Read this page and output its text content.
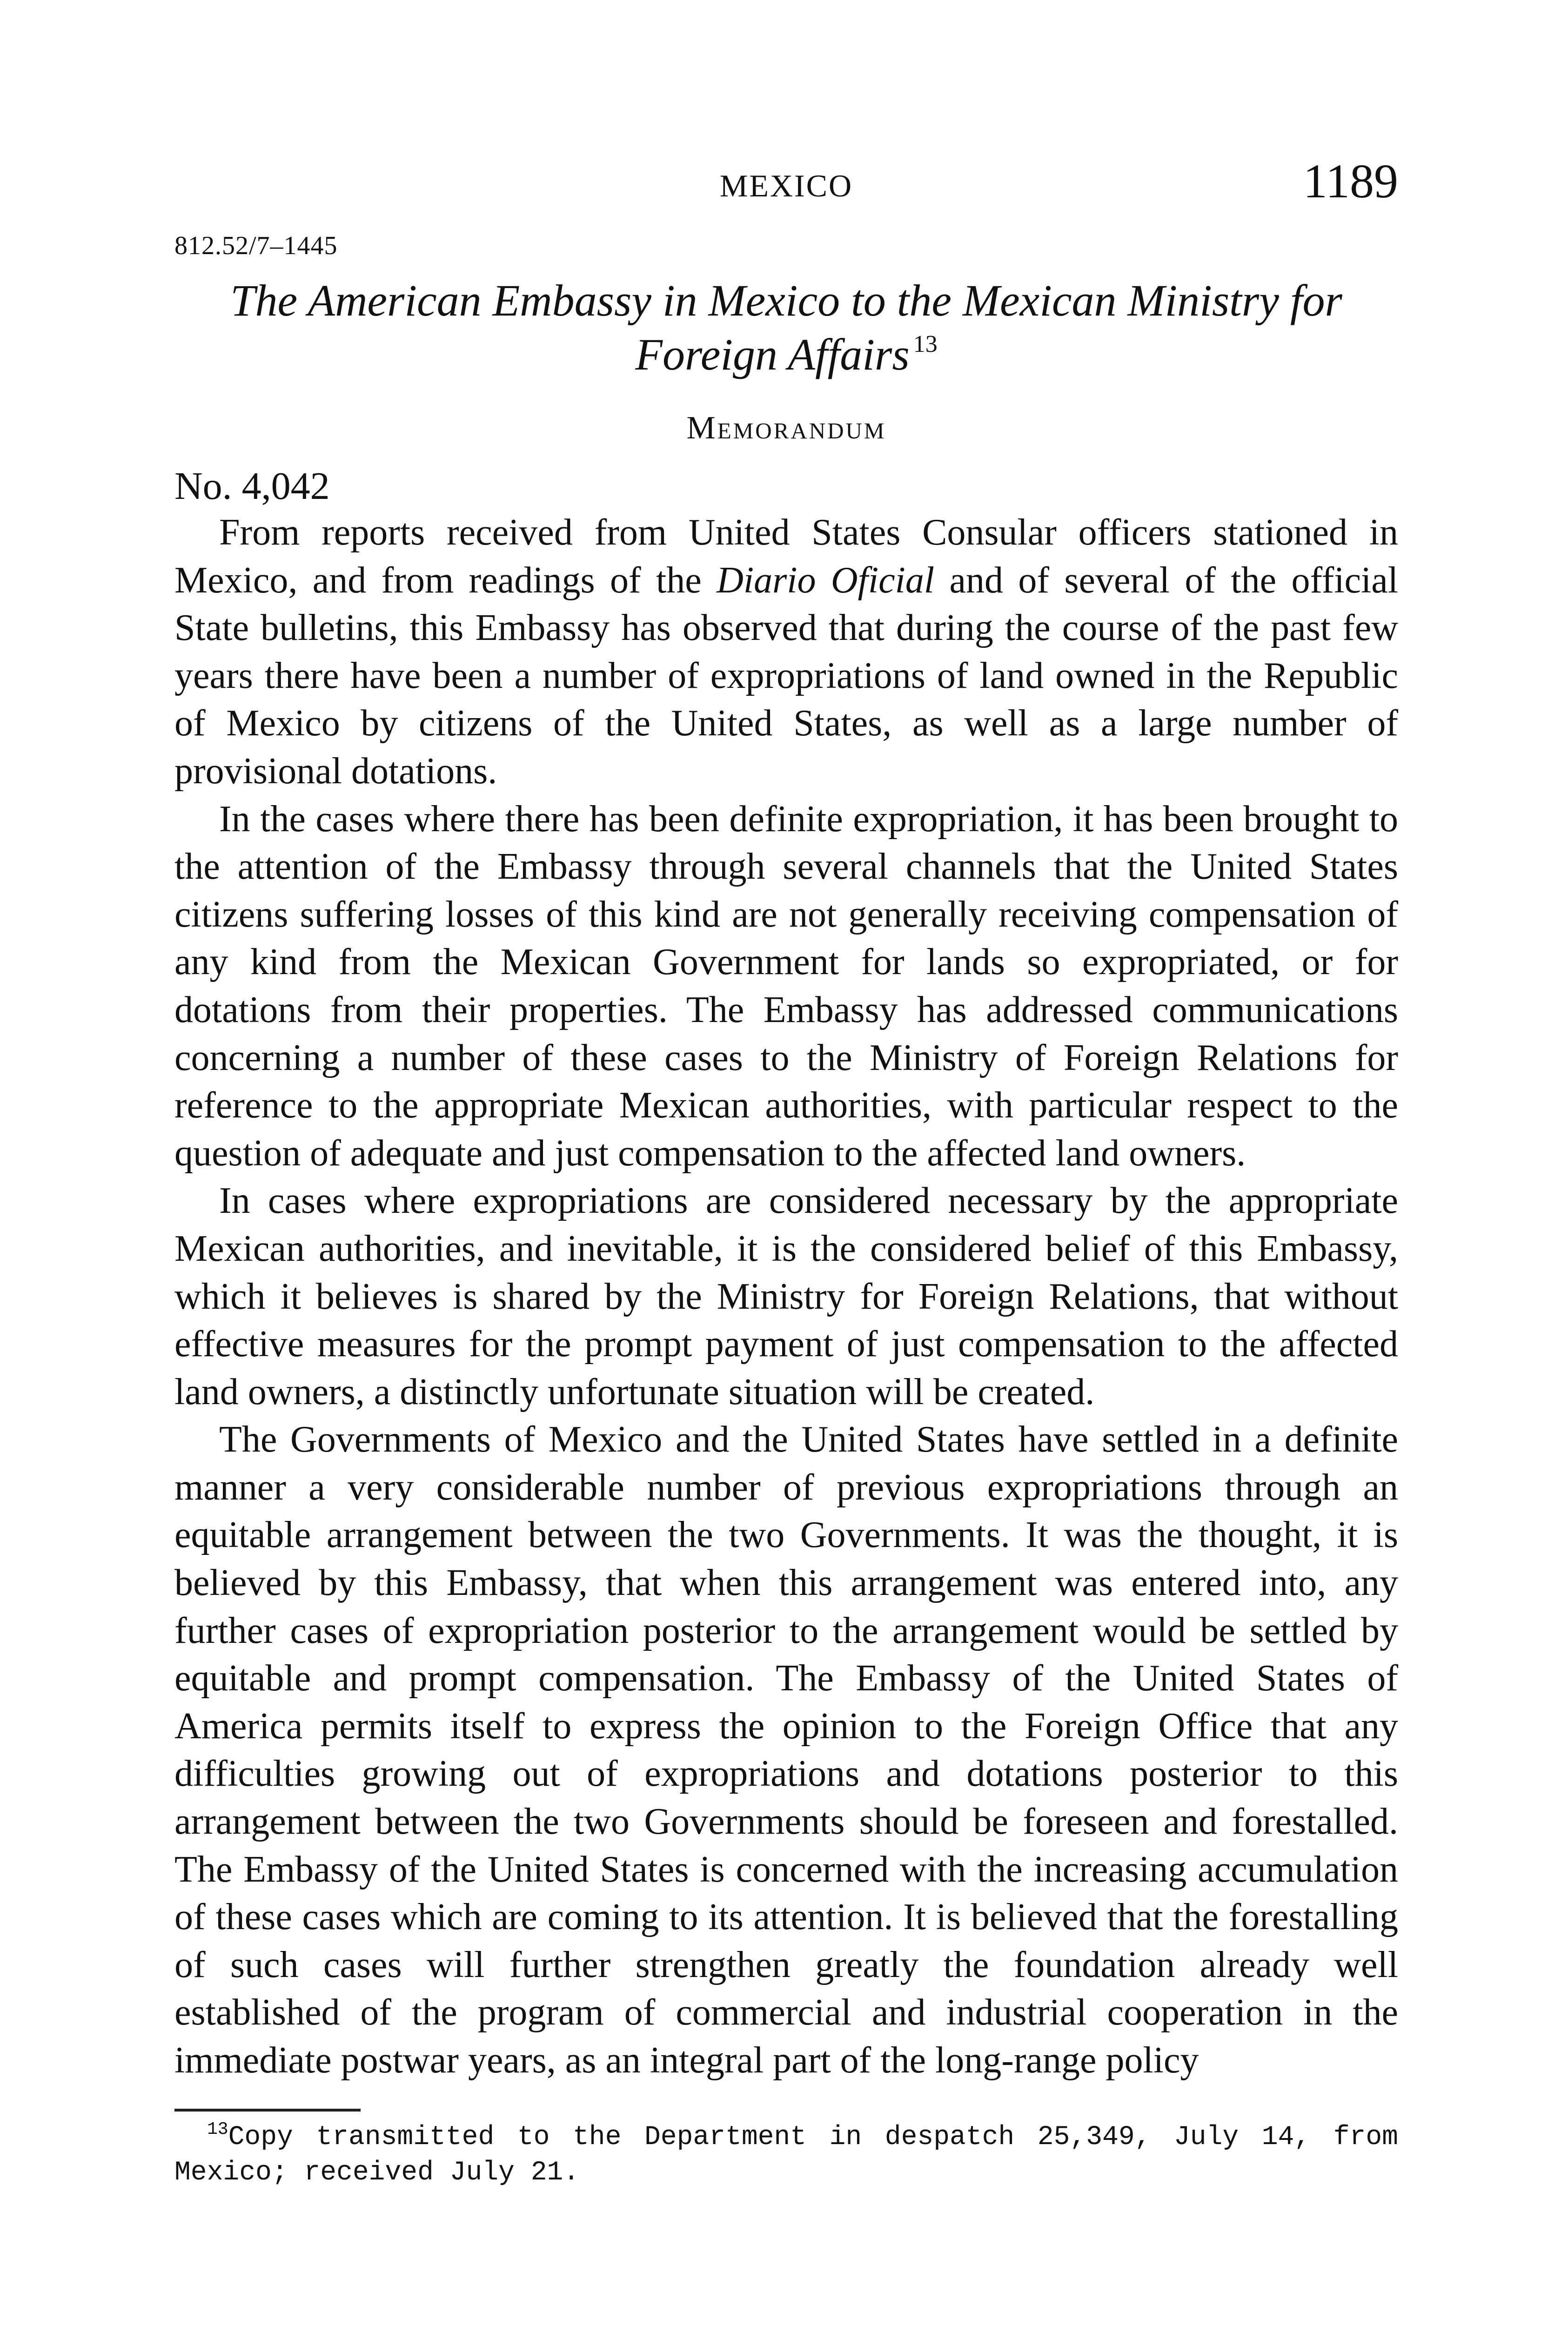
MEXICO	1189
812.52/7–1445
The American Embassy in Mexico to the Mexican Ministry for Foreign Affairs  $^{13}$
Memorandum
No. 4,042

From reports received from United States Consular officers stationed in Mexico, and from readings of the Diario Oficial and of several of the official State bulletins, this Embassy has observed that during the course of the past few years there have been a number of expropriations of land owned in the Republic of Mexico by citizens of the United States, as well as a large number of provisional dotations.

In the cases where there has been definite expropriation, it has been brought to the attention of the Embassy through several channels that the United States citizens suffering losses of this kind are not generally receiving compensation of any kind from the Mexican Government for lands so expropriated, or for dotations from their properties. The Embassy has addressed communications concerning a number of these cases to the Ministry of Foreign Relations for reference to the appropriate Mexican authorities, with particular respect to the question of adequate and just compensation to the affected land owners.

In cases where expropriations are considered necessary by the appropriate Mexican authorities, and inevitable, it is the considered belief of this Embassy, which it believes is shared by the Ministry for Foreign Relations, that without effective measures for the prompt payment of just compensation to the affected land owners, a distinctly unfortunate situation will be created.

The Governments of Mexico and the United States have settled in a definite manner a very considerable number of previous expropriations through an equitable arrangement between the two Governments. It was the thought, it is believed by this Embassy, that when this arrangement was entered into, any further cases of expropriation posterior to the arrangement would be settled by equitable and prompt compensation. The Embassy of the United States of America permits itself to express the opinion to the Foreign Office that any difficulties growing out of expropriations and dotations posterior to this arrangement between the two Governments should be foreseen and forestalled. The Embassy of the United States is concerned with the increasing accumulation of these cases which are coming to its attention. It is believed that the forestalling of such cases will further strengthen greatly the foundation already well established of the program of commercial and industrial cooperation in the immediate postwar years, as an integral part of the long-range policy

$^{13}$Copy transmitted to the Department in despatch 25,349, July 14, from Mexico; received July 21.
